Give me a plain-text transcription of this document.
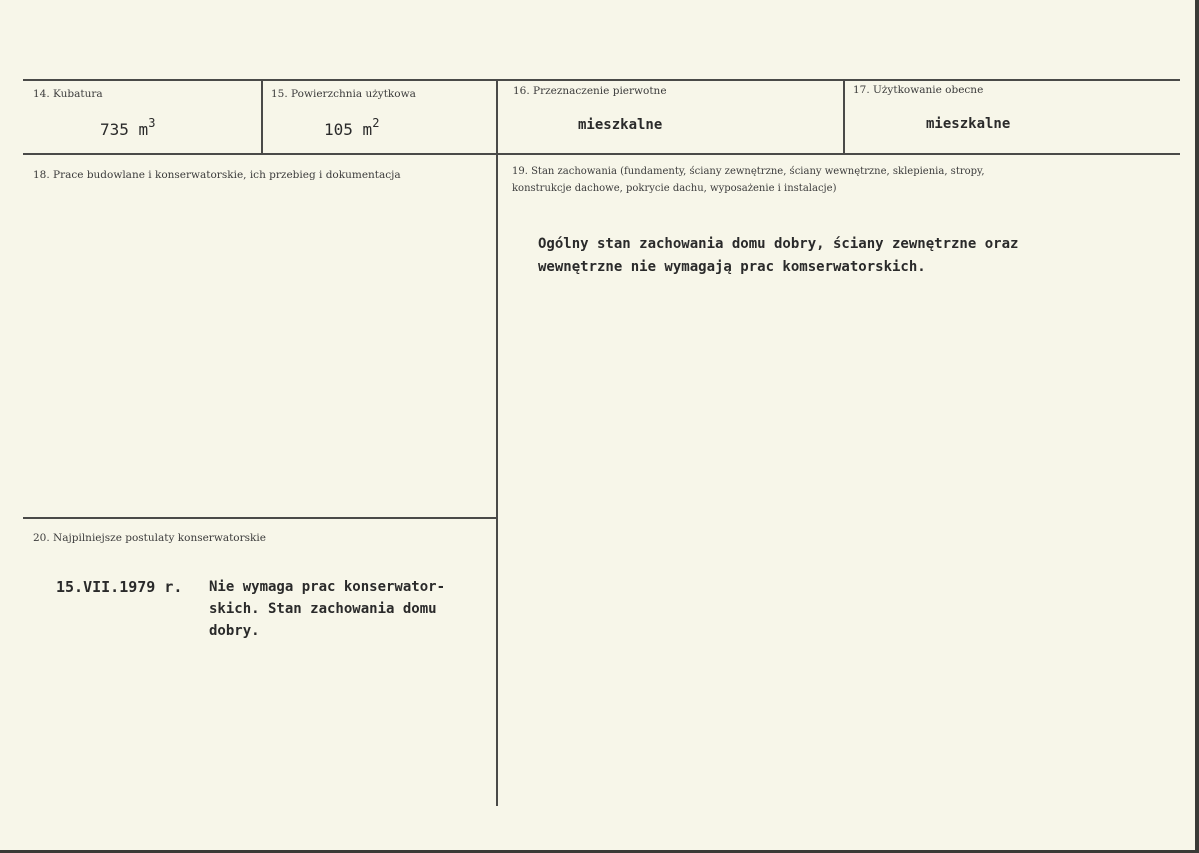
14. Kubatura
735 $m^3$
15. Powierzchnia użytkowa
105 $m^2$
16. Przeznaczenie pierwotne
mieszkalne
17. Użytkowanie obecne
mieszkalne
18. Prace budowlane i konserwatorskie, ich przebieg i dokumentacja	19. Stan zachowania (fundamenty, ściany zewnętrzne, ściany wewnętrzne, sklepienia, stropy,
konstrukcje dachowe, pokrycie dachu, wyposażenie i instalacje)
Ogólny stan zachowania domu dobry, ściany zewnętrzne oraz
wewnętrzne nie wymagają prac komserwatorskich.
20. Najpilniejsze postulaty konserwatorskie
15.VII.1979 r. Nie wymaga prac konserwator-
skich. Stan zachowania domu
dobry.
